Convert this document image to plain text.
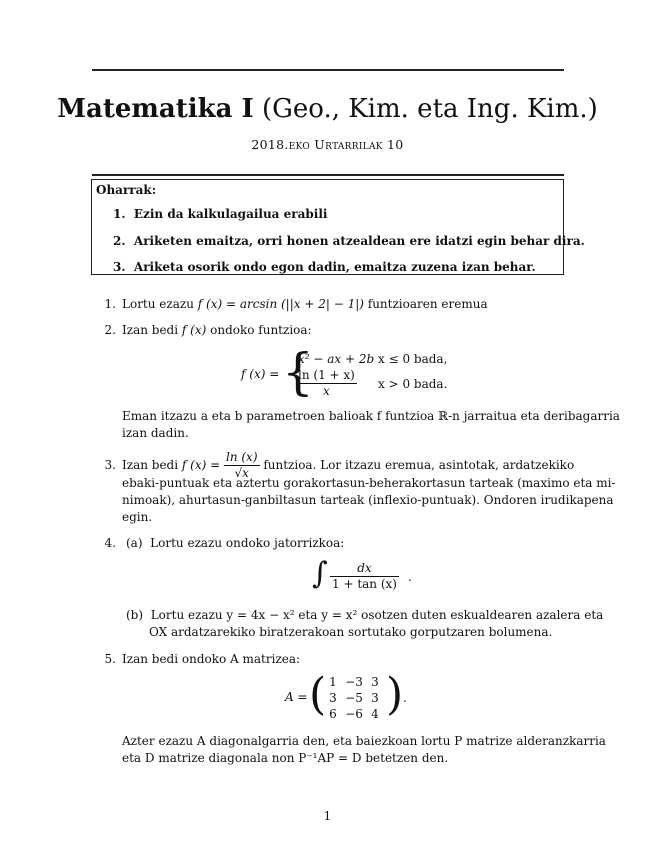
Matematika I (Geo., Kim. eta Ing. Kim.)
2018.eko Urtarrilak 10
Oharrak:
1. Ezin da kalkulagailua erabili
2. Ariketen emaitza, orri honen atzealdean ere idatzi egin behar dira.
3. Ariketa osorik ondo egon dadin, emaitza zuzena izan behar.
1. Lortu ezazu f (x) = arcsin (||x + 2| − 1|) funtzioaren eremua
2. Izan bedi f (x) ondoko funtzioa:
f (x) = {
x² − ax + 2b x ≤ 0 bada,
$\frac{\ln (1 + x)}{x}$ x > 0 bada.
Eman itzazu a eta b parametroen balioak f funtzioa ℝ-n jarraitua eta deribagarria
izan dadin.
3. Izan bedi f $(x) = \frac{\ln (x)}{√x}$ funtzioa. Lor itzazu eremua, asintotak, ardatzekiko
ebaki-puntuak eta aztertu gorakortasun-beherakortasun tarteak (maximo eta mi-
nimoak), ahurtasun-ganbiltasun tarteak (inflexio-puntuak). Ondoren irudikapena
egin.
4. (a) Lortu ezazu ondoko jatorrizkoa:
∫ $\frac{dx}{1 + \tan (x)}$ .
(b) Lortu ezazu y = 4x − x² eta y = x² osotzen duten eskualdearen azalera eta
OX ardatzarekiko biratzerakoan sortutako gorputzaren bolumena.
5. Izan bedi ondoko A matrizea:
A = ( 1 −3 3
3 −5 3
6 −6 4 ) .
Azter ezazu A diagonalgarria den, eta baiezkoan lortu P matrize alderanzkarria
eta D matrize diagonala non P⁻¹AP = D betetzen den.
1
